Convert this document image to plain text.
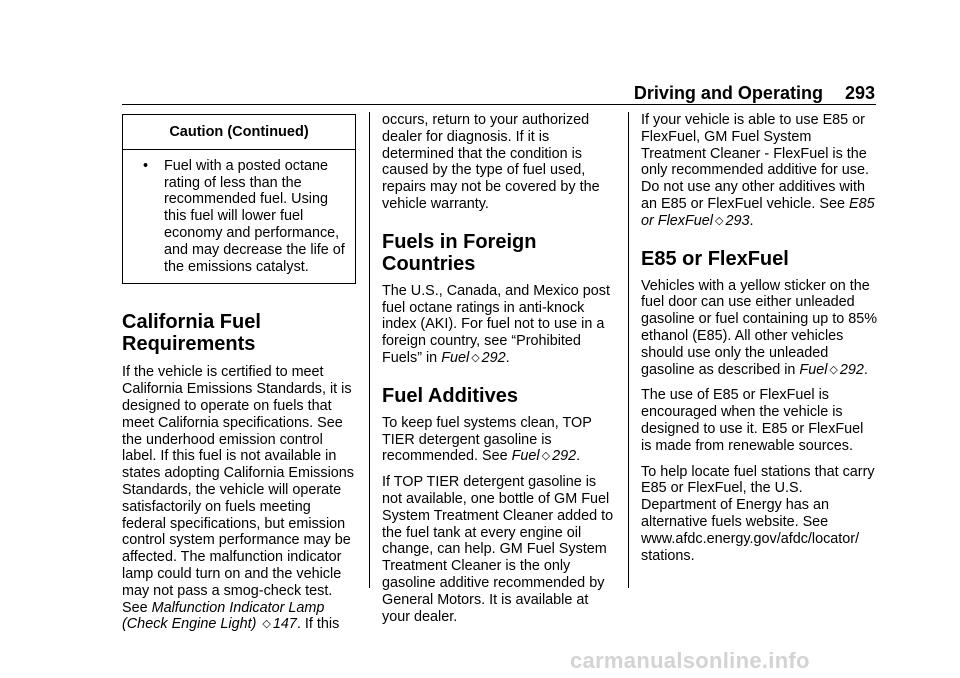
Driving and Operating 293
Caution (Continued)
•	Fuel with a posted octane rating of less than the recommended fuel. Using this fuel will lower fuel economy and performance, and may decrease the life of the emissions catalyst.
California Fuel
Requirements

If the vehicle is certified to meet California Emissions Standards, it is designed to operate on fuels that meet California specifications. See the underhood emission control label. If this fuel is not available in states adopting California Emissions Standards, the vehicle will operate satisfactorily on fuels meeting federal specifications, but emission control system performance may be affected. The malfunction indicator lamp could turn on and the vehicle may not pass a smog-check test. See Malfunction Indicator Lamp (Check Engine Light) ◇ 147. If this

occurs, return to your authorized dealer for diagnosis. If it is determined that the condition is caused by the type of fuel used, repairs may not be covered by the vehicle warranty.

Fuels in Foreign
Countries

The U.S., Canada, and Mexico post fuel octane ratings in anti-knock index (AKI). For fuel not to use in a foreign country, see “Prohibited Fuels” in Fuel ◇ 292.

Fuel Additives

To keep fuel systems clean, TOP TIER detergent gasoline is recommended. See Fuel ◇ 292.

If TOP TIER detergent gasoline is not available, one bottle of GM Fuel System Treatment Cleaner added to the fuel tank at every engine oil change, can help. GM Fuel System Treatment Cleaner is the only gasoline additive recommended by General Motors. It is available at your dealer.

If your vehicle is able to use E85 or FlexFuel, GM Fuel System Treatment Cleaner - FlexFuel is the only recommended additive for use. Do not use any other additives with an E85 or FlexFuel vehicle. See E85 or FlexFuel ◇ 293.

E85 or FlexFuel

Vehicles with a yellow sticker on the fuel door can use either unleaded gasoline or fuel containing up to 85% ethanol (E85). All other vehicles should use only the unleaded gasoline as described in Fuel ◇ 292.

The use of E85 or FlexFuel is encouraged when the vehicle is designed to use it. E85 or FlexFuel is made from renewable sources.

To help locate fuel stations that carry E85 or FlexFuel, the U.S. Department of Energy has an alternative fuels website. See www.afdc.energy.gov/afdc/locator/ stations.

carmanualsonline.info
